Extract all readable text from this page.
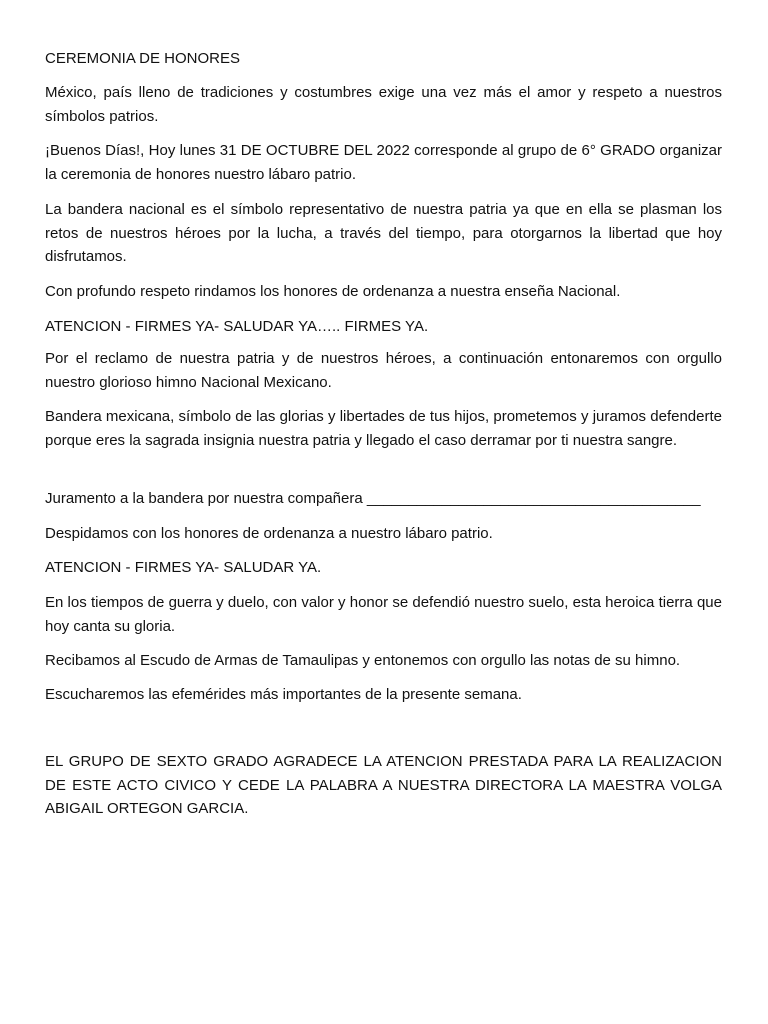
CEREMONIA DE HONORES

México, país lleno de tradiciones y costumbres exige una vez más el amor y respeto a nuestros símbolos patrios.

¡Buenos Días!, Hoy lunes 31 DE OCTUBRE DEL 2022 corresponde al grupo de 6° GRADO organizar la ceremonia de honores nuestro lábaro patrio.

La bandera nacional es el símbolo representativo de nuestra patria ya que en ella se plasman los retos de nuestros héroes por la lucha, a través del tiempo, para otorgarnos la libertad que hoy disfrutamos.

Con profundo respeto rindamos los honores de ordenanza a nuestra enseña Nacional.

ATENCION - FIRMES YA- SALUDAR YA….. FIRMES YA.

Por el reclamo de nuestra patria y de nuestros héroes, a continuación entonaremos con orgullo nuestro glorioso himno Nacional Mexicano.

Bandera mexicana, símbolo de las glorias y libertades de tus hijos, prometemos y juramos defenderte porque eres la sagrada insignia nuestra patria y llegado el caso derramar por ti nuestra sangre.

Juramento a la bandera por nuestra compañera ________________________________________

Despidamos con los honores de ordenanza a nuestro lábaro patrio.

ATENCION - FIRMES YA- SALUDAR YA.

En los tiempos de guerra y duelo, con valor y honor se defendió nuestro suelo, esta heroica tierra que hoy canta su gloria.

Recibamos al Escudo de Armas de Tamaulipas y entonemos con orgullo las notas de su himno.

Escucharemos las efemérides más importantes de la presente semana.

EL GRUPO DE SEXTO GRADO AGRADECE LA ATENCION PRESTADA PARA LA REALIZACION DE ESTE ACTO CIVICO Y CEDE LA PALABRA A NUESTRA DIRECTORA LA MAESTRA VOLGA ABIGAIL ORTEGON GARCIA.
